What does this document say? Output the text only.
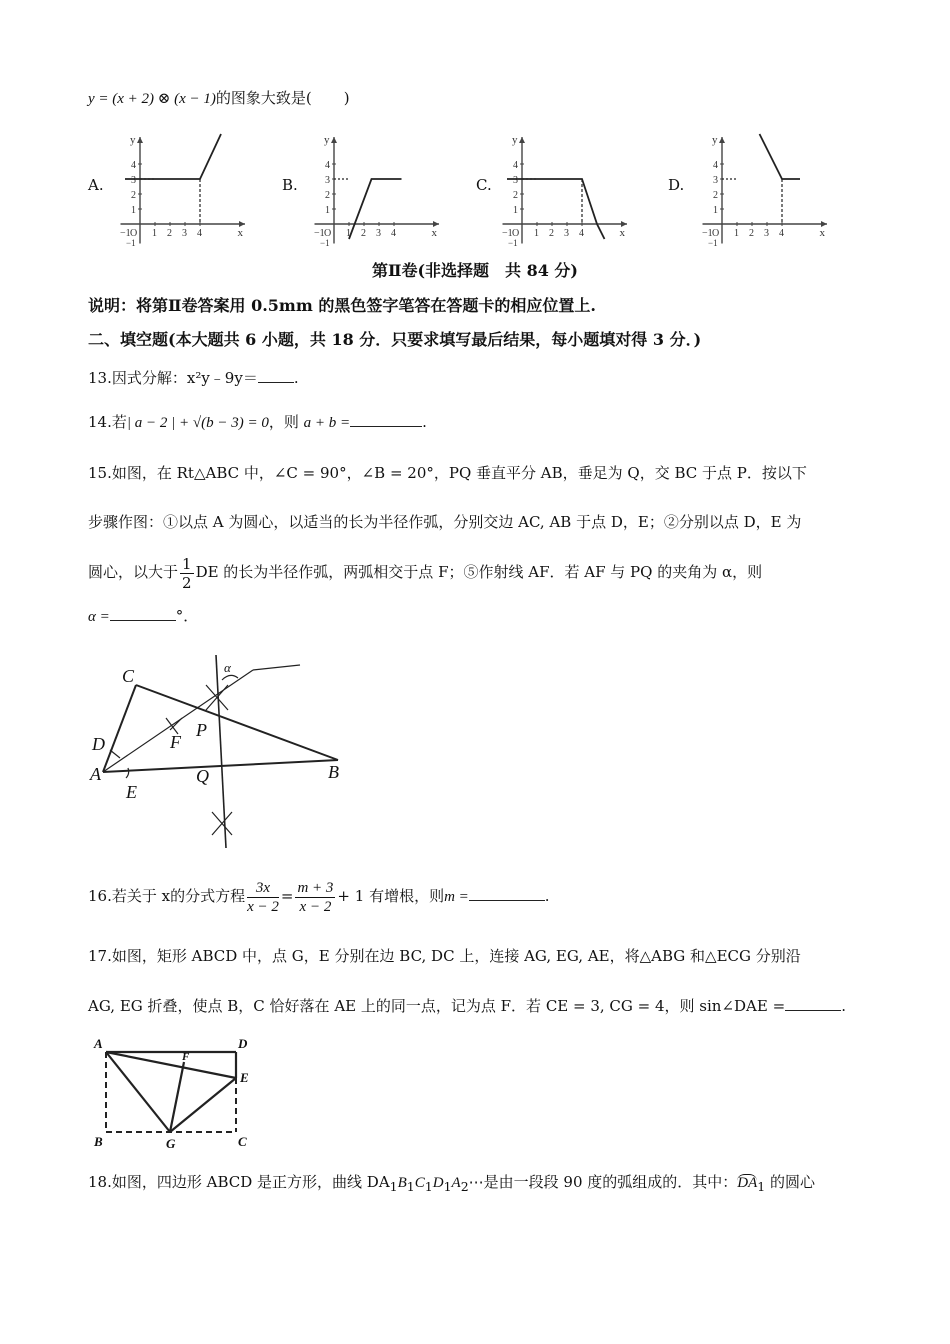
y = (x + 2) ⊗ (x − 1)的图象大致是( )
A.
4
3
2
1
1 2 3 4
−1 O
−1
x
y
B.
4
3
2
1
1 2 3 4
−1 O
−1
x
y
C.
4
3
2
1
1 2 3 4
−1 O
−1
x
y
D.
4
3
2
1
1 2 3 4
−1 O
−1
x
y
第Ⅱ卷(非选择题　共 84 分)
说明：将第Ⅱ卷答案用 0.5mm 的黑色签字笔答在答题卡的相应位置上.
二、填空题(本大题共 6 小题，共 18 分．只要求填写最后结果，每小题填对得 3 分．)
13.因式分解：x²y﹣9y＝ .
14.若| a − 2 | + √(b − 3) = 0，则 a + b =	.
15.如图，在 Rt△ABC 中，∠C = 90°，∠B = 20°，PQ 垂直平分 AB，垂足为 Q，交 BC 于点 P．按以下
步骤作图：①以点 A 为圆心，以适当的长为半径作弧，分别交边 AC, AB 于点 D，E；②分别以点 D，E 为
圆心，以大于 $\frac{1}{2}$ DE 的长为半径作弧，两弧相交于点 F；⑤作射线 AF．若 AF 与 PQ 的夹角为 α，则
α =	°．
C
D
A
E
F
P
Q	B
α
16.若关于 x的分式方程 $\frac{3x}{x - 2} = \frac{m + 3}{x - 2} + 1$ 有增根，则m =	.
17.如图，矩形 ABCD 中，点 G，E 分别在边 BC, DC 上，连接 AG, EG, AE，将△ABG 和△ECG 分别沿
AG, EG 折叠，使点 B，C 恰好落在 AE 上的同一点，记为点 F．若 CE = 3, CG = 4，则 sin∠DAE =	.
A	D
F
E
B	G	C
18.如图，四边形 ABCD 是正方形，曲线 $DA_1B_1C_1D_1A_2\cdots$是由一段段 90 度的弧组成的．其中：$DA_1$ 的圆心
